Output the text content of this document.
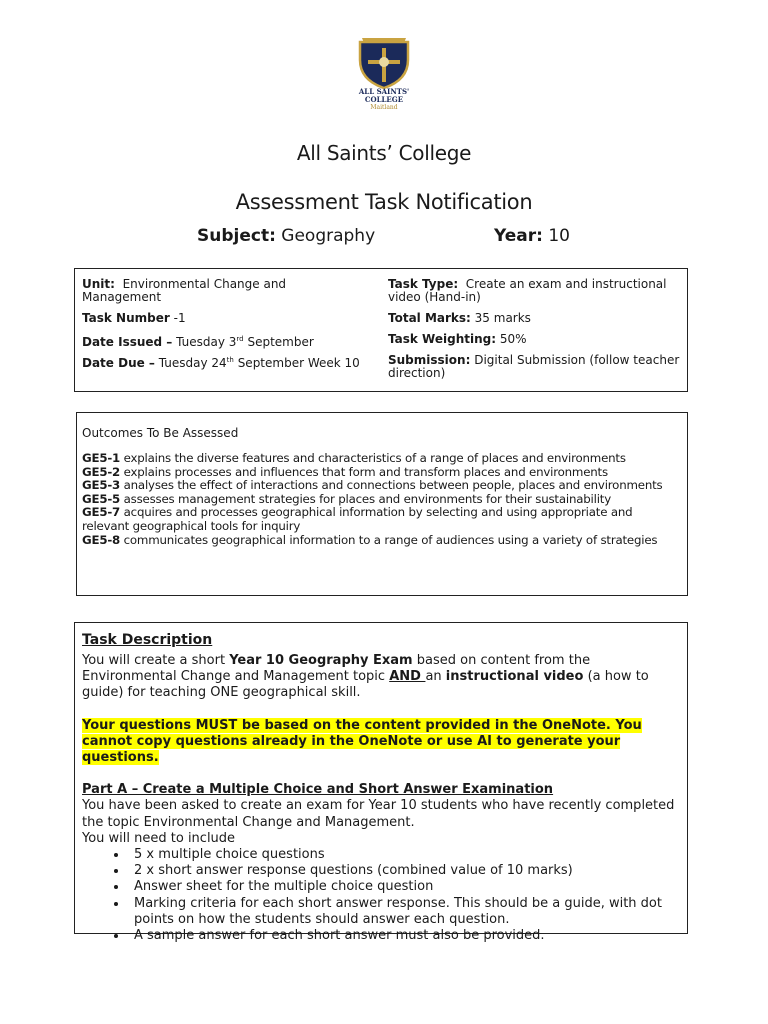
ALL SAINTS'
COLLEGE
Maitland
All Saints’ College
Assessment Task Notification
Subject: Geography	Year: 10
Unit: Environmental Change and Management
Task Number -1
Date Issued – Tuesday 3rd September
Date Due – Tuesday 24th September Week 10
Task Type: Create an exam and instructional video (Hand-in)
Total Marks: 35 marks
Task Weighting: 50%
Submission: Digital Submission (follow teacher direction)
Outcomes To Be Assessed
GE5-1 explains the diverse features and characteristics of a range of places and environments
GE5-2 explains processes and influences that form and transform places and environments
GE5-3 analyses the effect of interactions and connections between people, places and environments
GE5-5 assesses management strategies for places and environments for their sustainability
GE5-7 acquires and processes geographical information by selecting and using appropriate and relevant geographical tools for inquiry
GE5-8 communicates geographical information to a range of audiences using a variety of strategies
Task Description
You will create a short Year 10 Geography Exam based on content from the Environmental Change and Management topic AND an instructional video (a how to guide) for teaching ONE geographical skill.
Your questions MUST be based on the content provided in the OneNote. You cannot copy questions already in the OneNote or use AI to generate your questions.
Part A – Create a Multiple Choice and Short Answer Examination
You have been asked to create an exam for Year 10 students who have recently completed the topic Environmental Change and Management.
You will need to include
• 5 x multiple choice questions
• 2 x short answer response questions (combined value of 10 marks)
• Answer sheet for the multiple choice question
• Marking criteria for each short answer response. This should be a guide, with dot points on how the students should answer each question.
• A sample answer for each short answer must also be provided.
